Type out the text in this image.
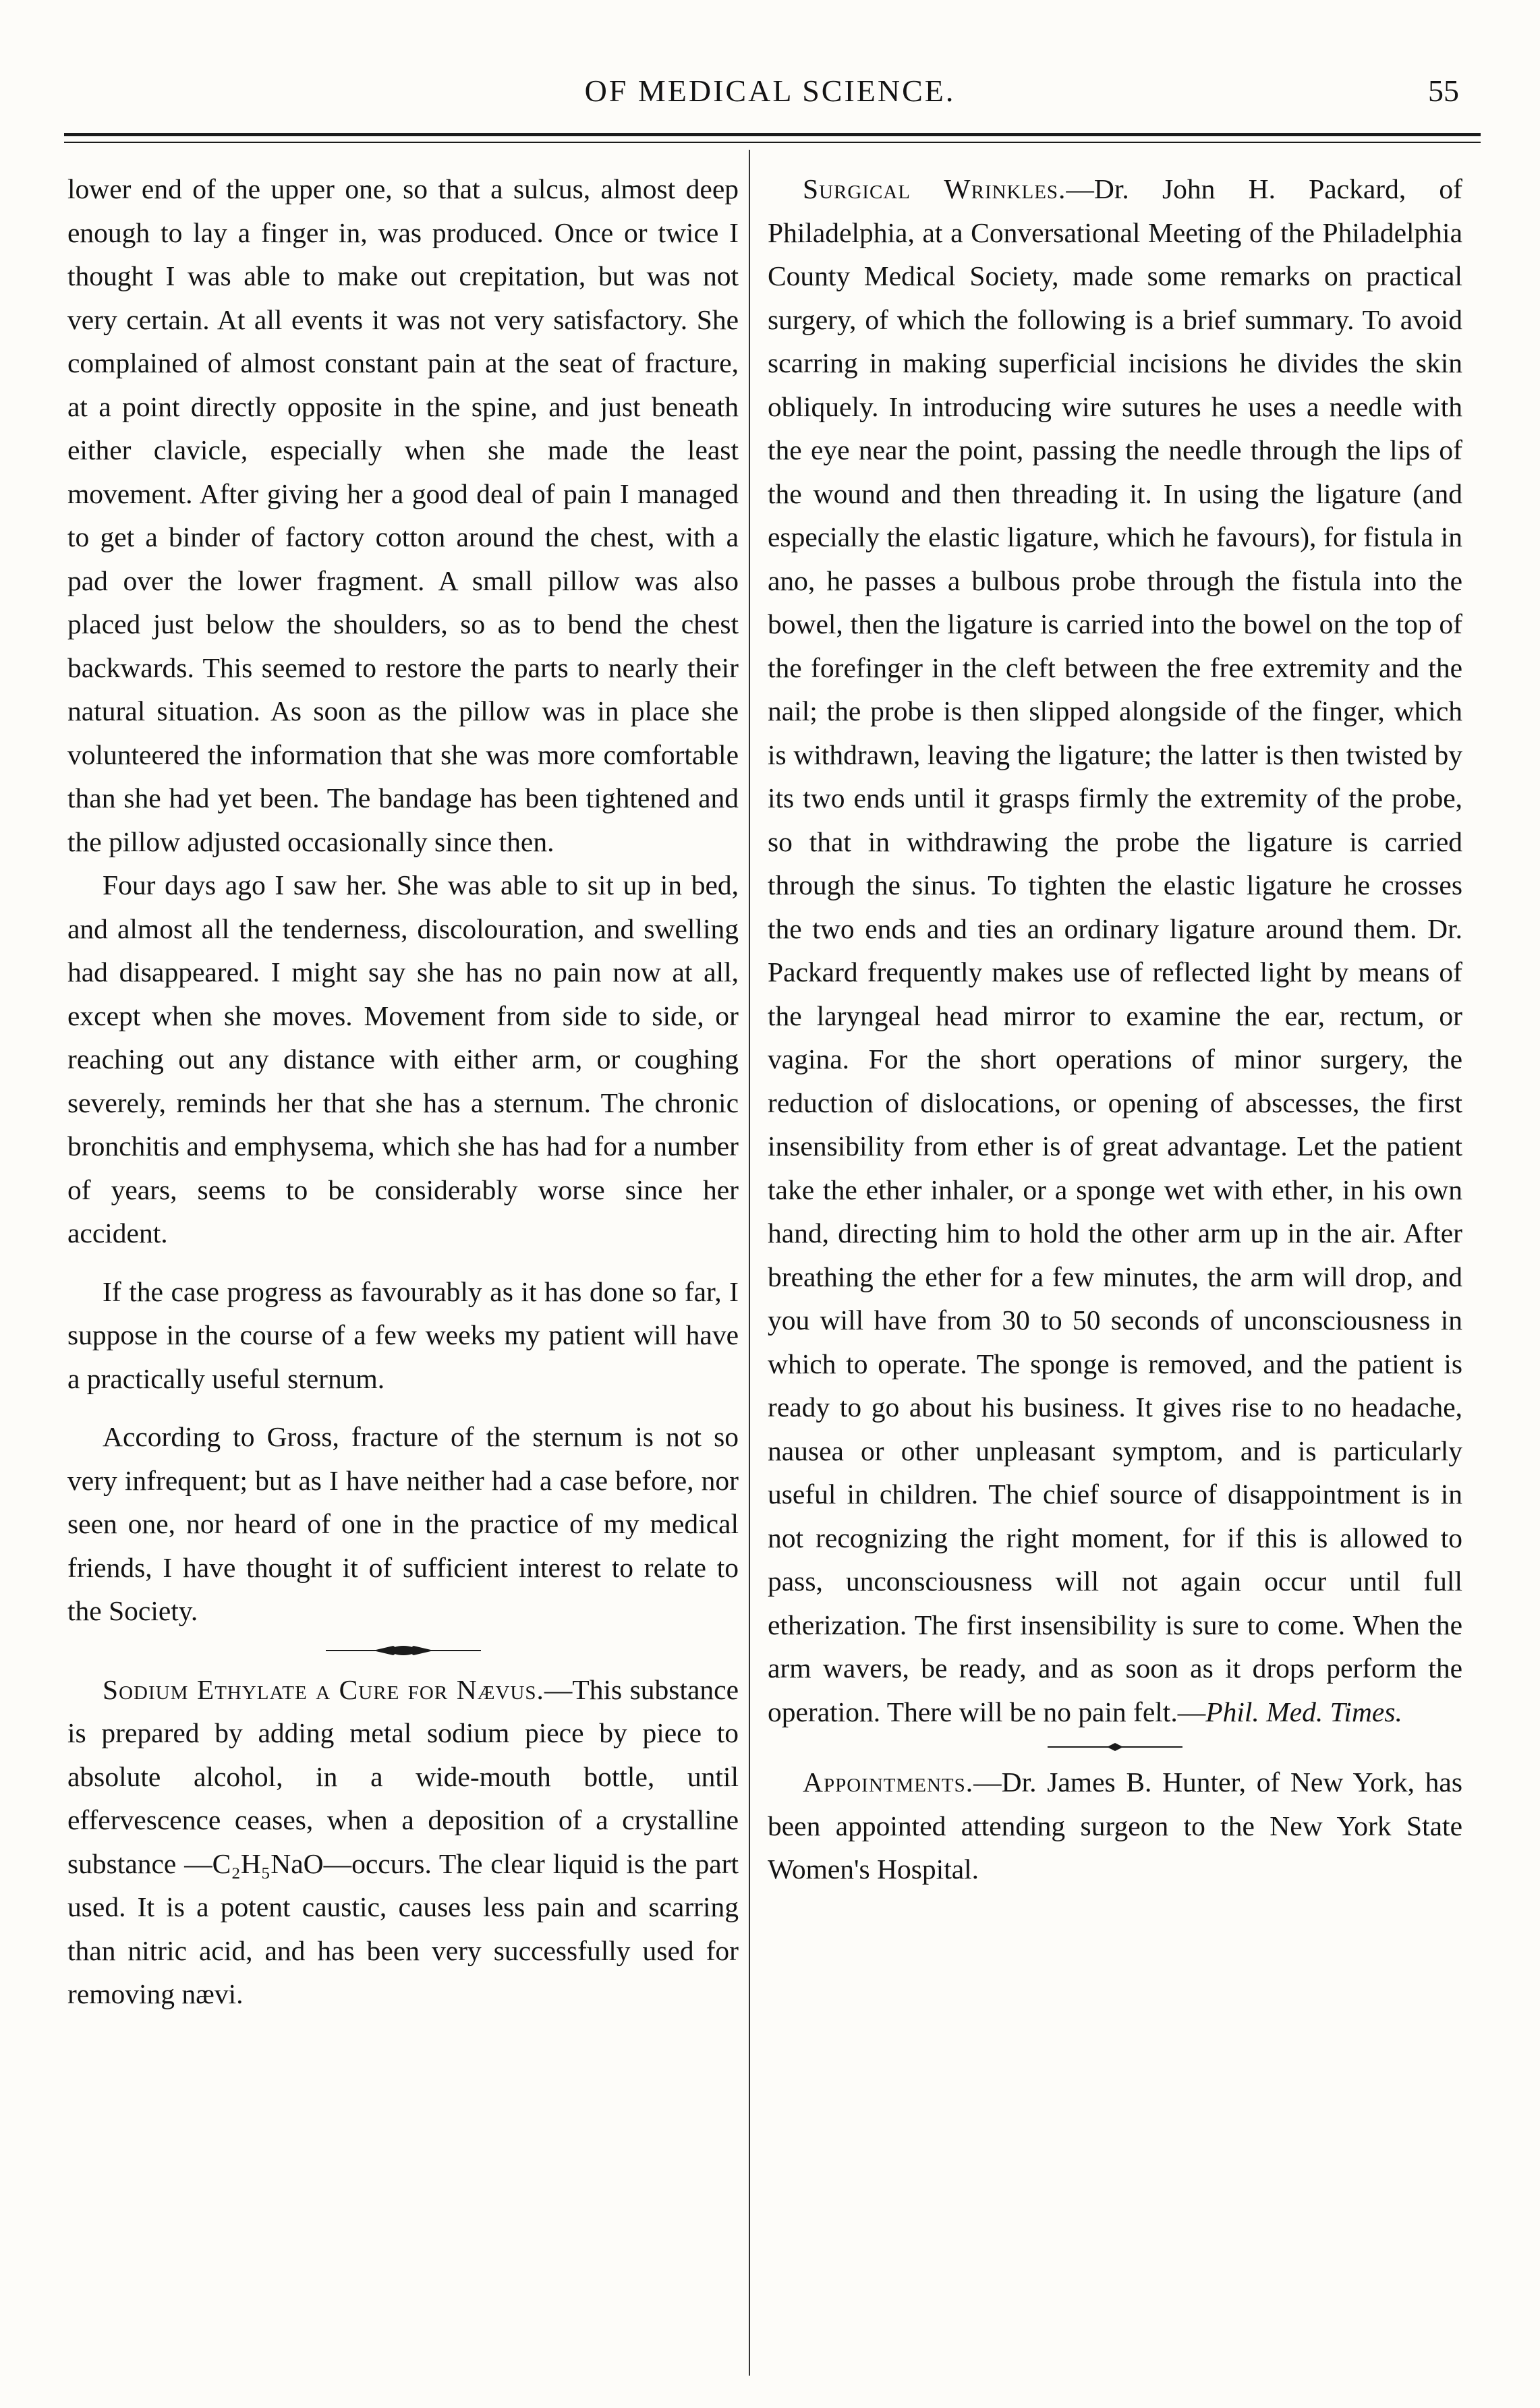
OF MEDICAL SCIENCE.	55

lower end of the upper one, so that a sulcus, almost deep enough to lay a finger in, was produced. Once or twice I thought I was able to make out crepitation, but was not very certain. At all events it was not very satisfactory. She complained of almost constant pain at the seat of fracture, at a point directly opposite in the spine, and just beneath either clavicle, especially when she made the least movement. After giving her a good deal of pain I managed to get a binder of factory cotton around the chest, with a pad over the lower fragment. A small pillow was also placed just below the shoulders, so as to bend the chest backwards. This seemed to restore the parts to nearly their natural situation. As soon as the pillow was in place she volunteered the information that she was more comfortable than she had yet been. The bandage has been tightened and the pillow adjusted occasionally since then.

Four days ago I saw her. She was able to sit up in bed, and almost all the tenderness, discolouration, and swelling had disappeared. I might say she has no pain now at all, except when she moves. Movement from side to side, or reaching out any distance with either arm, or coughing severely, reminds her that she has a sternum. The chronic bronchitis and emphysema, which she has had for a number of years, seems to be considerably worse since her accident.

If the case progress as favourably as it has done so far, I suppose in the course of a few weeks my patient will have a practically useful sternum.

According to Gross, fracture of the sternum is not so very infrequent; but as I have neither had a case before, nor seen one, nor heard of one in the practice of my medical friends, I have thought it of sufficient interest to relate to the Society.

Sodium Ethylate a Cure for Nævus.—This substance is prepared by adding metal sodium piece by piece to absolute alcohol, in a wide-mouth bottle, until effervescence ceases, when a deposition of a crystalline substance —C₂H₅NaO—occurs. The clear liquid is the part used. It is a potent caustic, causes less pain and scarring than nitric acid, and has been very successfully used for removing nævi.

Surgical Wrinkles.—Dr. John H. Packard, of Philadelphia, at a Conversational Meeting of the Philadelphia County Medical Society, made some remarks on practical surgery, of which the following is a brief summary. To avoid scarring in making superficial incisions he divides the skin obliquely. In introducing wire sutures he uses a needle with the eye near the point, passing the needle through the lips of the wound and then threading it. In using the ligature (and especially the elastic ligature, which he favours), for fistula in ano, he passes a bulbous probe through the fistula into the bowel, then the ligature is carried into the bowel on the top of the forefinger in the cleft between the free extremity and the nail; the probe is then slipped alongside of the finger, which is withdrawn, leaving the ligature; the latter is then twisted by its two ends until it grasps firmly the extremity of the probe, so that in withdrawing the probe the ligature is carried through the sinus. To tighten the elastic ligature he crosses the two ends and ties an ordinary ligature around them. Dr. Packard frequently makes use of reflected light by means of the laryngeal head mirror to examine the ear, rectum, or vagina. For the short operations of minor surgery, the reduction of dislocations, or opening of abscesses, the first insensibility from ether is of great advantage. Let the patient take the ether inhaler, or a sponge wet with ether, in his own hand, directing him to hold the other arm up in the air. After breathing the ether for a few minutes, the arm will drop, and you will have from 30 to 50 seconds of unconsciousness in which to operate. The sponge is removed, and the patient is ready to go about his business. It gives rise to no headache, nausea or other unpleasant symptom, and is particularly useful in children. The chief source of disappointment is in not recognizing the right moment, for if this is allowed to pass, unconsciousness will not again occur until full etherization. The first insensibility is sure to come. When the arm wavers, be ready, and as soon as it drops perform the operation. There will be no pain felt.—Phil. Med. Times.

Appointments.—Dr. James B. Hunter, of New York, has been appointed attending surgeon to the New York State Women's Hospital.
